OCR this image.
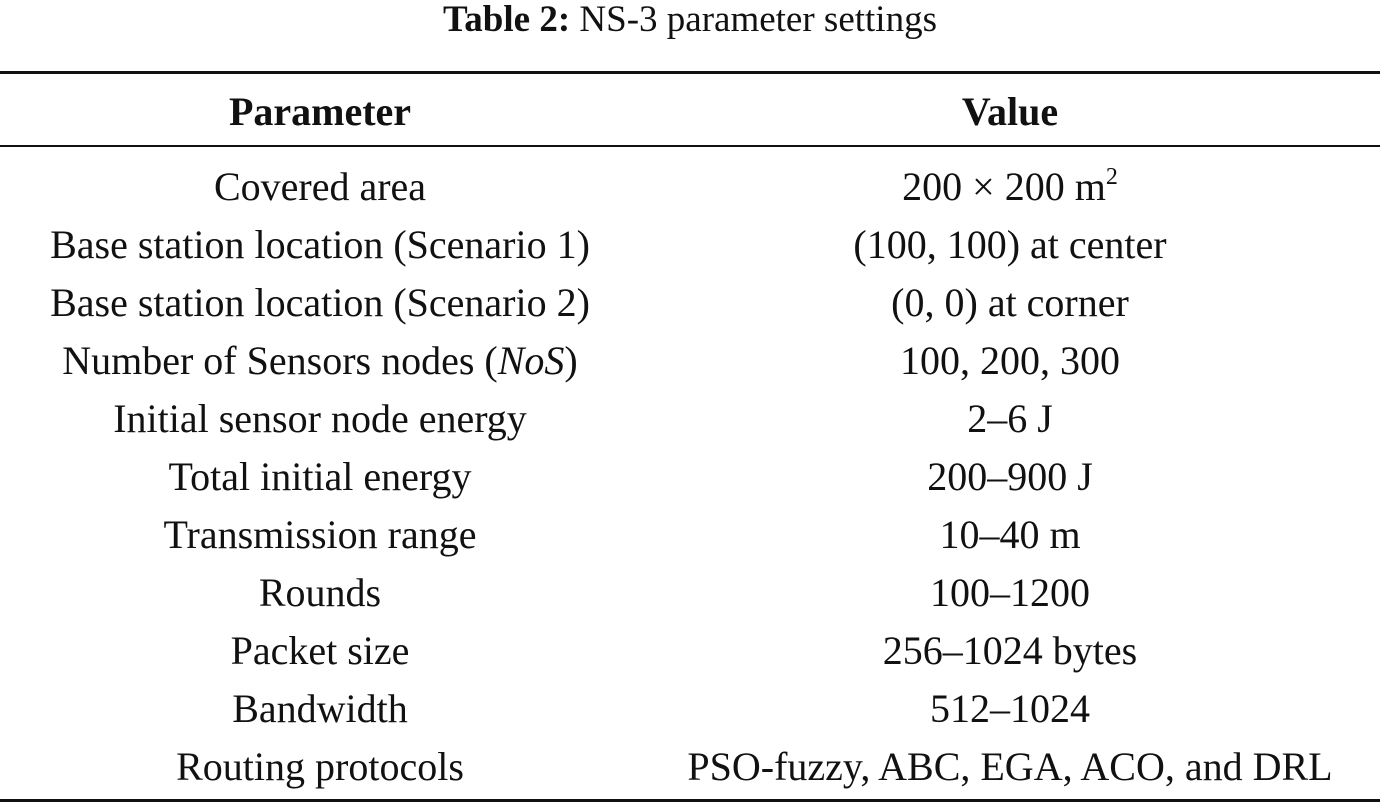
Table 2: NS-3 parameter settings
Parameter	Value
Covered area	200 × 200 $m^2$
Base station location (Scenario 1)	(100, 100) at center
Base station location (Scenario 2)	(0, 0) at corner
Number of Sensors nodes (NoS)	100, 200, 300
Initial sensor node energy	2–6 J
Total initial energy	200–900 J
Transmission range	10–40 m
Rounds	100–1200
Packet size	256–1024 bytes
Bandwidth	512–1024
Routing protocols	PSO-fuzzy, ABC, EGA, ACO, and DRL
